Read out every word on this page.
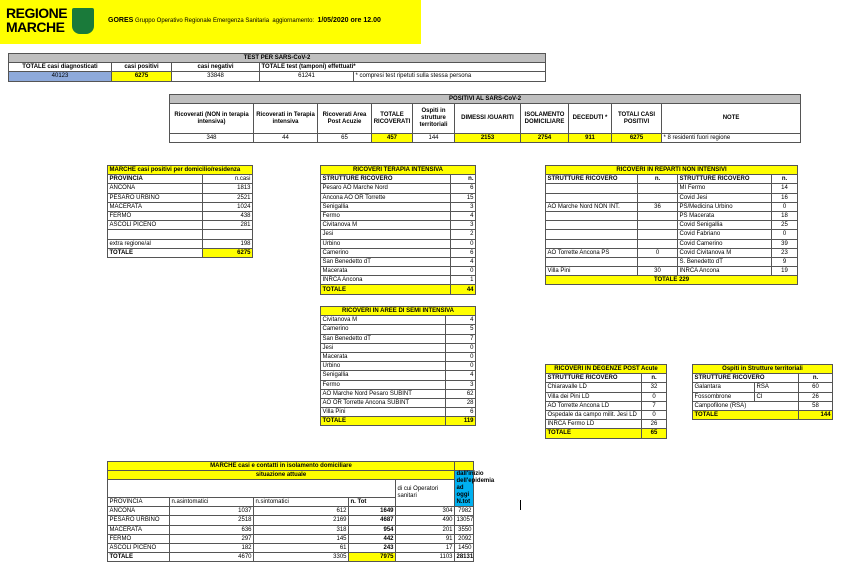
REGIONE MARCHE	GORES Gruppo Operativo Regionale Emergenza Sanitaria aggiornamento: 1/05/2020 ore 12.00
TEST PER SARS-CoV-2				
TOTALE casi diagnosticati	casi positivi	casi negativi	TOTALE test (tamponi) effettuati*	
40123	6275	33848	61241	* compresi test ripetuti sulla stessa persona
POSITIVI AL SARS-CoV-2									
Ricoverati (NON in terapia intensiva)	Ricoverati in Terapia intensiva	Ricoverati Area Post Acuzie	TOTALE RICOVERATI	Ospiti in strutture territoriali	DIMESSI /GUARITI	ISOLAMENTO DOMICILIARE	DECEDUTI *	TOTALI CASI POSITIVI	NOTE
348	44	65	457	144	2153	2754	911	6275	* 8 residenti fuori regione
MARCHE casi positivi per domicilio/residenza	
PROVINCIA	n.casi
ANCONA	1813
PESARO URBINO	2521
MACERATA	1024
FERMO	438
ASCOLI PICENO	281

extra regione/al	198
TOTALE	6275
RICOVERI TERAPIA INTENSIVA	
STRUTTURE RICOVERO	n.
Pesaro AO Marche Nord	6
Ancona AO OR Torrette	15
Senigallia	3
Fermo	4
Civitanova M	3
Jesi	2
Urbino	0
Camerino	6
San Benedetto dT	4
Macerata	0
INRCA Ancona	1
TOTALE	44
RICOVERI IN REPARTI NON INTENSIVI			
STRUTTURE RICOVERO	n.	STRUTTURE RICOVERO	n.
		MI Fermo	14
		Covid Jesi	16
AO Marche Nord NON INT.	36	PS/Medicina Urbino	0
		PS Macerata	18
		Covid Senigallia	25
		Covid Fabriano	0
		Covid Camerino	39
AO Torrette Ancona PS	0	Covid Civitanova M	23
		S. Benedetto dT	9
Villa Pini	30	INRCA Ancona	19
TOTALE 229			
RICOVERI IN AREE DI SEMI INTENSIVA	
Civitanova M	4
Camerino	5
San Benedetto dT	7
Jesi	0
Macerata	0
Urbino	0
Senigallia	4
Fermo	3
AO Marche Nord Pesaro SUBINT	62
AO OR Torrette Ancona SUBINT	28
Villa Pini	6
TOTALE	119
RICOVERI IN DEGENZE POST Acute	
STRUTTURE RICOVERO	n.
Chiaravalle LD	32
Villa dei Pini LD	0
AO Torrette Ancona LD	7
Ospedale da campo milit. Jesi LD	0
INRCA Fermo LD	26
TOTALE	65
Ospiti in Strutture territoriali		
STRUTTURE RICOVERO		n.
Galantara	RSA	60
Fossombrone	CI	26
Campofilone (RSA)		58
TOTALE		144
MARCHE casi e contatti in isolamento domiciliare					
situazione attuale					dall'inizio dell'epidemia ad oggi N.tot
				di cui Operatori sanitari	
PROVINCIA	n.asintomatici	n.sintomatici	n. Tot		
ANCONA	1037	612	1649	304	7982
PESARO URBINO	2518	2169	4687	490	13057
MACERATA	636	318	954	201	3550
FERMO	297	145	442	91	2092
ASCOLI PICENO	182	61	243	17	1450
TOTALE	4670	3305	7975	1103	28131
